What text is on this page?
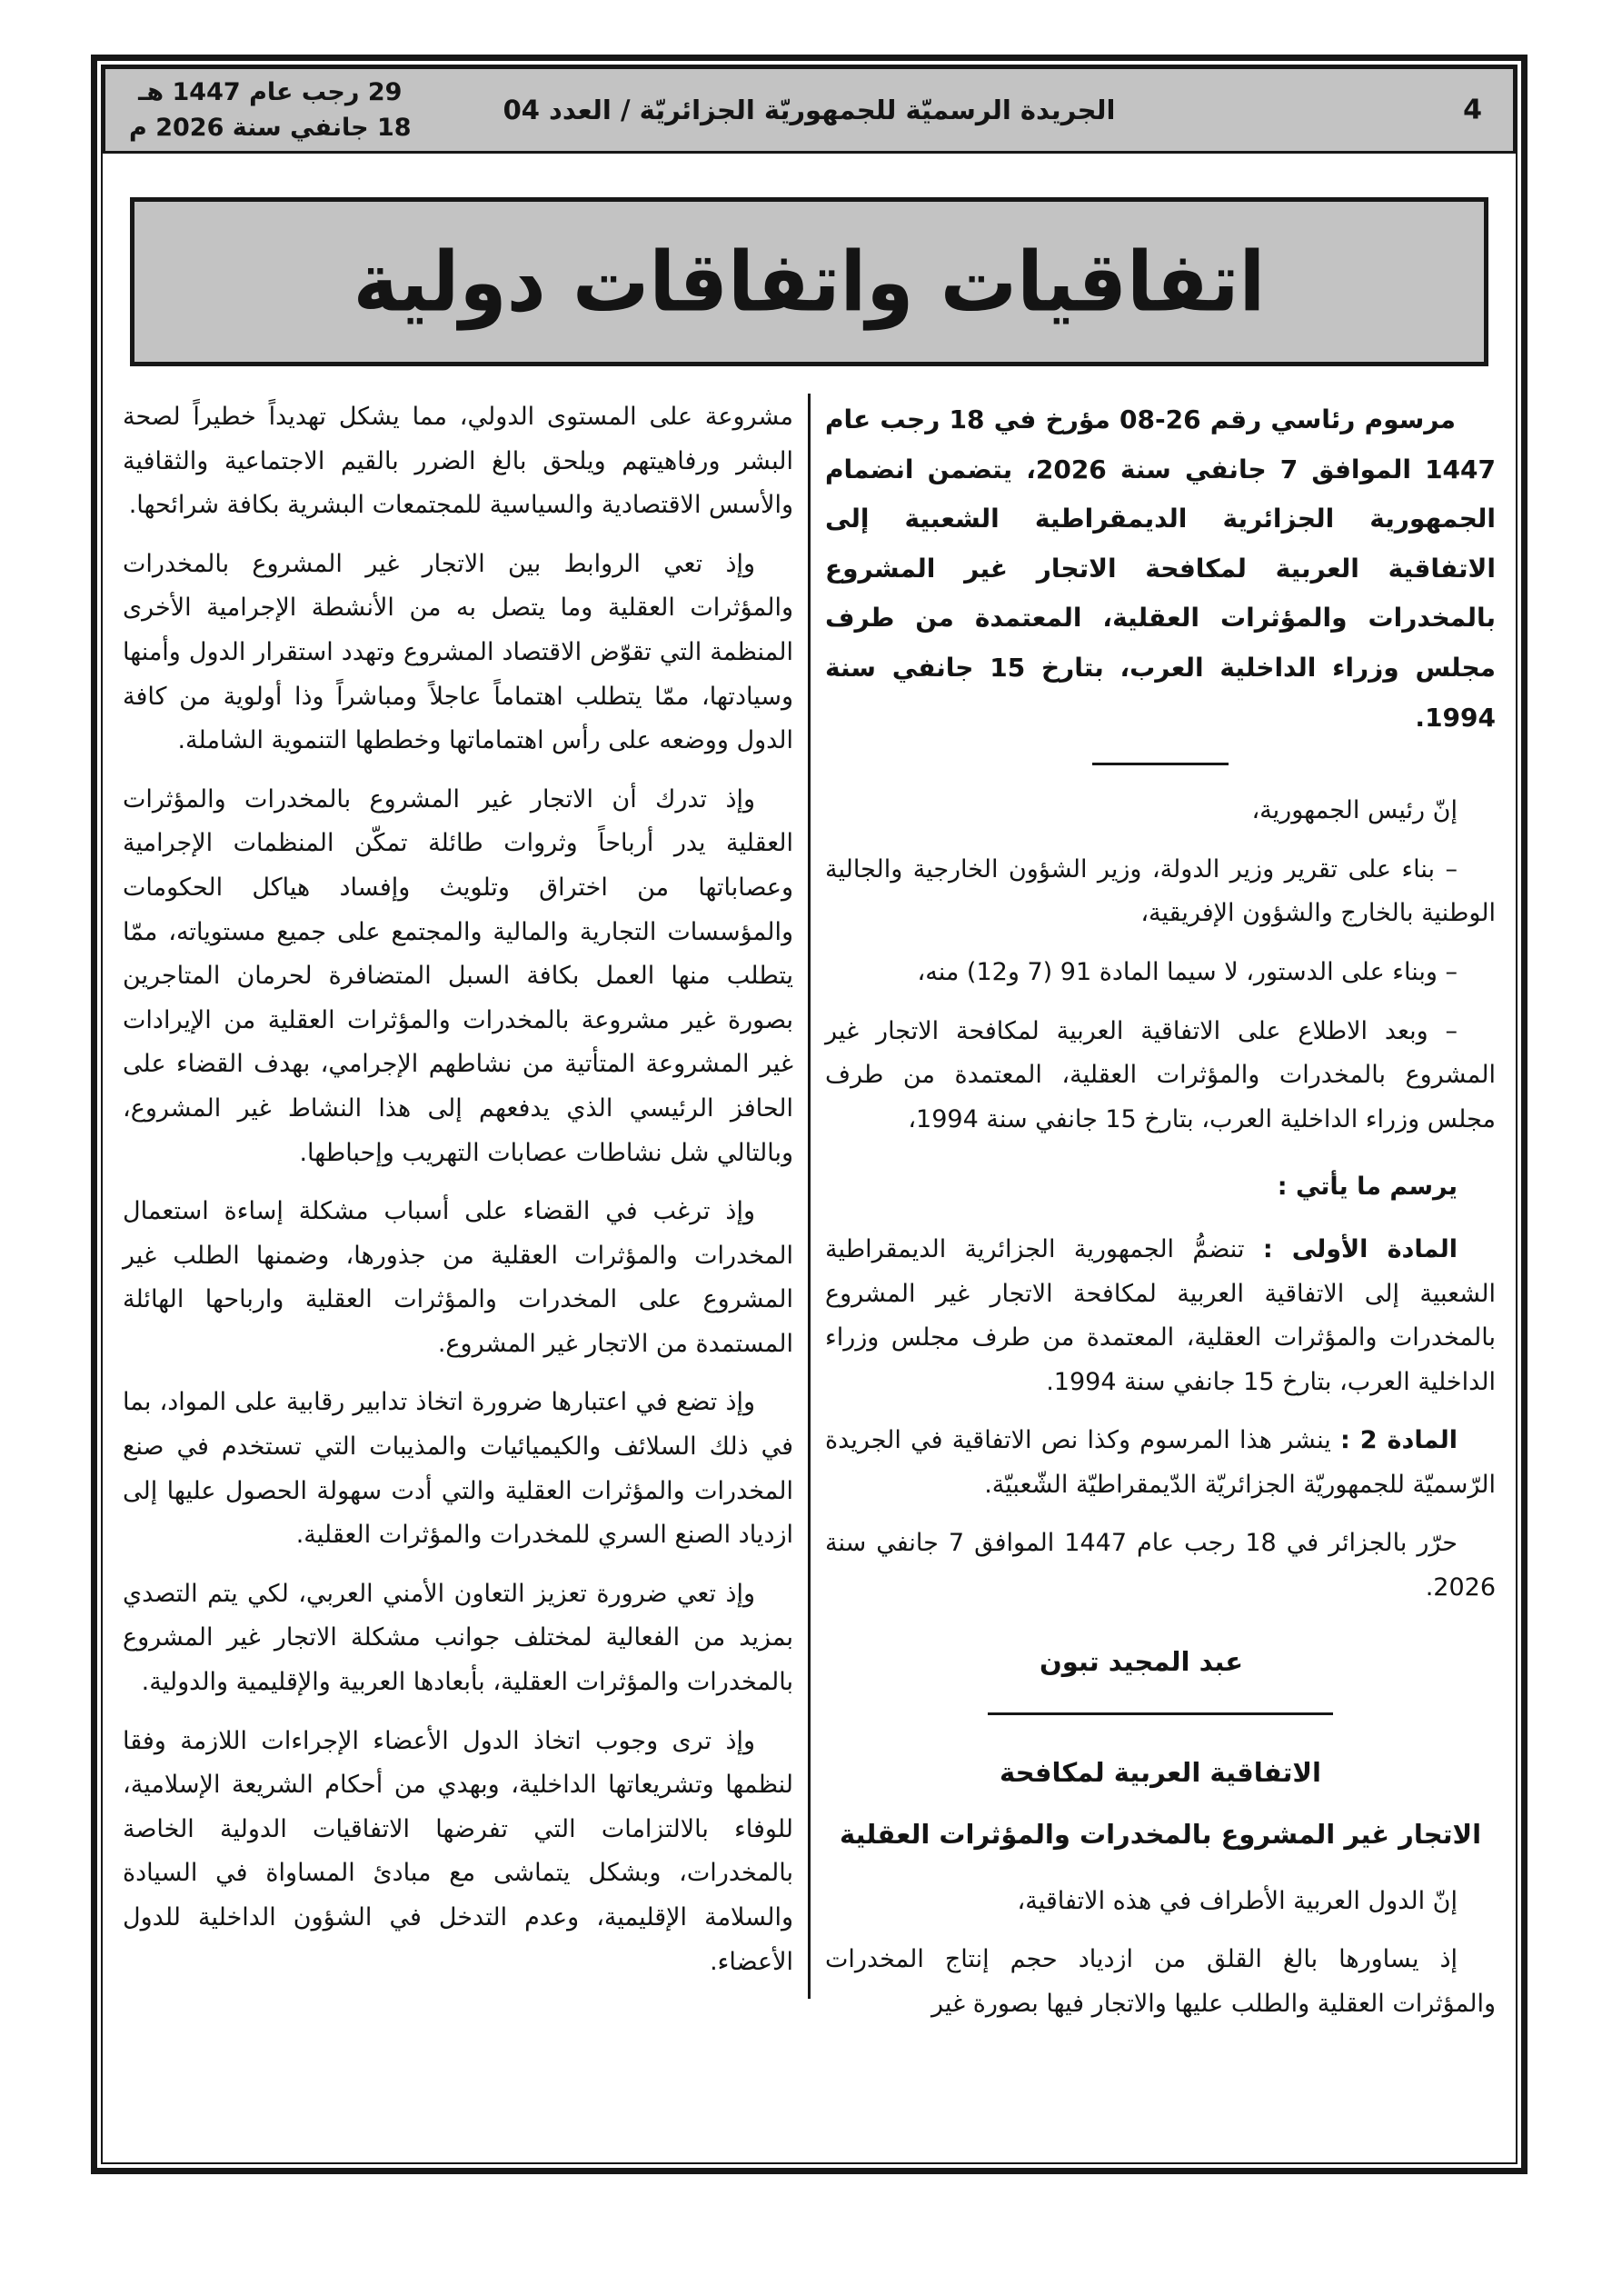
29 رجب عام 1447 هـ
18 جانفي سنة 2026 م
الجريدة الرسميّة للجمهوريّة الجزائريّة / العدد 04	4
اتفاقيات واتفاقات دولية

مرسوم رئاسي رقم 26-08 مؤرخ في 18 رجب عام 1447 الموافق 7 جانفي سنة 2026، يتضمن انضمام الجمهورية الجزائرية الديمقراطية الشعبية إلى الاتفاقية العربية لمكافحة الاتجار غير المشروع بالمخدرات والمؤثرات العقلية، المعتمدة من طرف مجلس وزراء الداخلية العرب، بتارخ 15 جانفي سنة 1994.

إنّ رئيس الجمهورية،

– بناء على تقرير وزير الدولة، وزير الشؤون الخارجية والجالية الوطنية بالخارج والشؤون الإفريقية،

– وبناء على الدستور، لا سيما المادة 91 (7 و12) منه،

– وبعد الاطلاع على الاتفاقية العربية لمكافحة الاتجار غير المشروع بالمخدرات والمؤثرات العقلية، المعتمدة من طرف مجلس وزراء الداخلية العرب، بتارخ 15 جانفي سنة 1994،

يرسم ما يأتي :

المادة الأولى : تنضمُّ الجمهورية الجزائرية الديمقراطية الشعبية إلى الاتفاقية العربية لمكافحة الاتجار غير المشروع بالمخدرات والمؤثرات العقلية، المعتمدة من طرف مجلس وزراء الداخلية العرب، بتارخ 15 جانفي سنة 1994.

المادة 2 : ينشر هذا المرسوم وكذا نص الاتفاقية في الجريدة الرّسميّة للجمهوريّة الجزائريّة الدّيمقراطيّة الشّعبيّة.

حرّر بالجزائر في 18 رجب عام 1447 الموافق 7 جانفي سنة 2026.

عبد المجيد تبون

الاتفاقية العربية لمكافحة
الاتجار غير المشروع بالمخدرات والمؤثرات العقلية

إنّ الدول العربية الأطراف في هذه الاتفاقية،

إذ يساورها بالغ القلق من ازدياد حجم إنتاج المخدرات والمؤثرات العقلية والطلب عليها والاتجار فيها بصورة غير

مشروعة على المستوى الدولي، مما يشكل تهديداً خطيراً لصحة البشر ورفاهيتهم ويلحق بالغ الضرر بالقيم الاجتماعية والثقافية والأسس الاقتصادية والسياسية للمجتمعات البشرية بكافة شرائحها.

وإذ تعي الروابط بين الاتجار غير المشروع بالمخدرات والمؤثرات العقلية وما يتصل به من الأنشطة الإجرامية الأخرى المنظمة التي تقوّض الاقتصاد المشروع وتهدد استقرار الدول وأمنها وسيادتها، ممّا يتطلب اهتماماً عاجلاً ومباشراً وذا أولوية من كافة الدول ووضعه على رأس اهتماماتها وخططها التنموية الشاملة.

وإذ تدرك أن الاتجار غير المشروع بالمخدرات والمؤثرات العقلية يدر أرباحاً وثروات طائلة تمكّن المنظمات الإجرامية وعصاباتها من اختراق وتلويث وإفساد هياكل الحكومات والمؤسسات التجارية والمالية والمجتمع على جميع مستوياته، ممّا يتطلب منها العمل بكافة السبل المتضافرة لحرمان المتاجرين بصورة غير مشروعة بالمخدرات والمؤثرات العقلية من الإيرادات غير المشروعة المتأتية من نشاطهم الإجرامي، بهدف القضاء على الحافز الرئيسي الذي يدفعهم إلى هذا النشاط غير المشروع، وبالتالي شل نشاطات عصابات التهريب وإحباطها.

وإذ ترغب في القضاء على أسباب مشكلة إساءة استعمال المخدرات والمؤثرات العقلية من جذورها، وضمنها الطلب غير المشروع على المخدرات والمؤثرات العقلية وارباحها الهائلة المستمدة من الاتجار غير المشروع.

وإذ تضع في اعتبارها ضرورة اتخاذ تدابير رقابية على المواد، بما في ذلك السلائف والكيميائيات والمذيبات التي تستخدم في صنع المخدرات والمؤثرات العقلية والتي أدت سهولة الحصول عليها إلى ازدياد الصنع السري للمخدرات والمؤثرات العقلية.

وإذ تعي ضرورة تعزيز التعاون الأمني العربي، لكي يتم التصدي بمزيد من الفعالية لمختلف جوانب مشكلة الاتجار غير المشروع بالمخدرات والمؤثرات العقلية، بأبعادها العربية والإقليمية والدولية.

وإذ ترى وجوب اتخاذ الدول الأعضاء الإجراءات اللازمة وفقا لنظمها وتشريعاتها الداخلية، وبهدي من أحكام الشريعة الإسلامية، للوفاء بالالتزامات التي تفرضها الاتفاقيات الدولية الخاصة بالمخدرات، وبشكل يتماشى مع مبادئ المساواة في السيادة والسلامة الإقليمية، وعدم التدخل في الشؤون الداخلية للدول الأعضاء.
